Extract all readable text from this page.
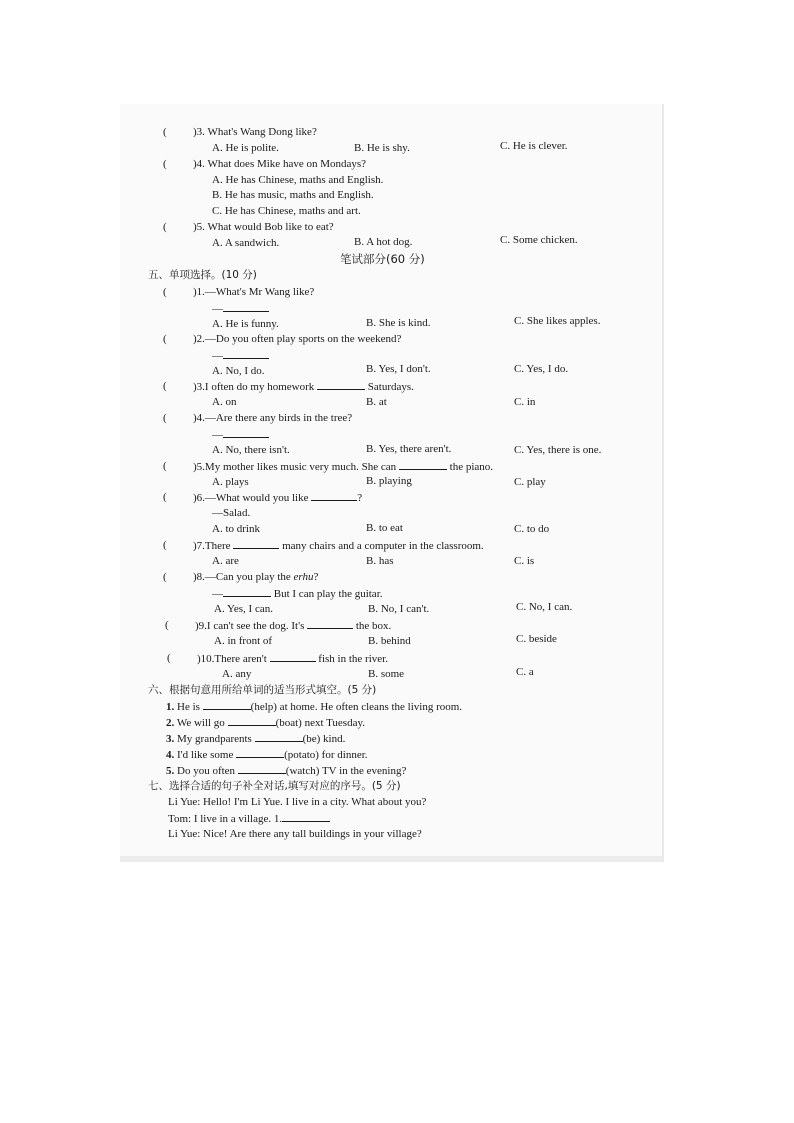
( )3. What's Wang Dong like?
A. He is polite.	B. He is shy.	C. He is clever.
( )4. What does Mike have on Mondays?
A. He has Chinese, maths and English.
B. He has music, maths and English.
C. He has Chinese, maths and art.
( )5. What would Bob like to eat?
A. A sandwich.	B. A hot dog.	C. Some chicken.
笔试部分(60 分)
五、单项选择。(10 分)
( )1.—What's Mr Wang like?
—
A. He is funny.	B. She is kind.	C. She likes apples.
( )2.—Do you often play sports on the weekend?
—
A. No, I do.	B. Yes, I don't.	C. Yes, I do.
( )3.I often do my homework	Saturdays.
A. on	B. at	C. in
( )4.—Are there any birds in the tree?
—
A. No, there isn't.	B. Yes, there aren't.	C. Yes, there is one.
( )5.My mother likes music very much. She can	the piano.
A. plays	B. playing	C. play
( )6.—What would you like	?
—Salad.
A. to drink	B. to eat	C. to do
( )7.There	many chairs and a computer in the classroom.
A. are	B. has	C. is
( )8.—Can you play the erhu?
—	But I can play the guitar.
A. Yes, I can.	B. No, I can't.	C. No, I can.
( )9.I can't see the dog. It's	the box.
A. in front of	B. behind	C. beside
( )10.There aren't	fish in the river.
A. any	B. some	C. a
六、根据句意用所给单词的适当形式填空。(5 分)
1. He is	(help) at home. He often cleans the living room.
2. We will go	(boat) next Tuesday.
3. My grandparents	(be) kind.
4. I'd like some	(potato) for dinner.
5. Do you often	(watch) TV in the evening?
七、选择合适的句子补全对话,填写对应的序号。(5 分)
Li Yue: Hello! I'm Li Yue. I live in a city. What about you?
Tom: I live in a village. 1.
Li Yue: Nice! Are there any tall buildings in your village?
